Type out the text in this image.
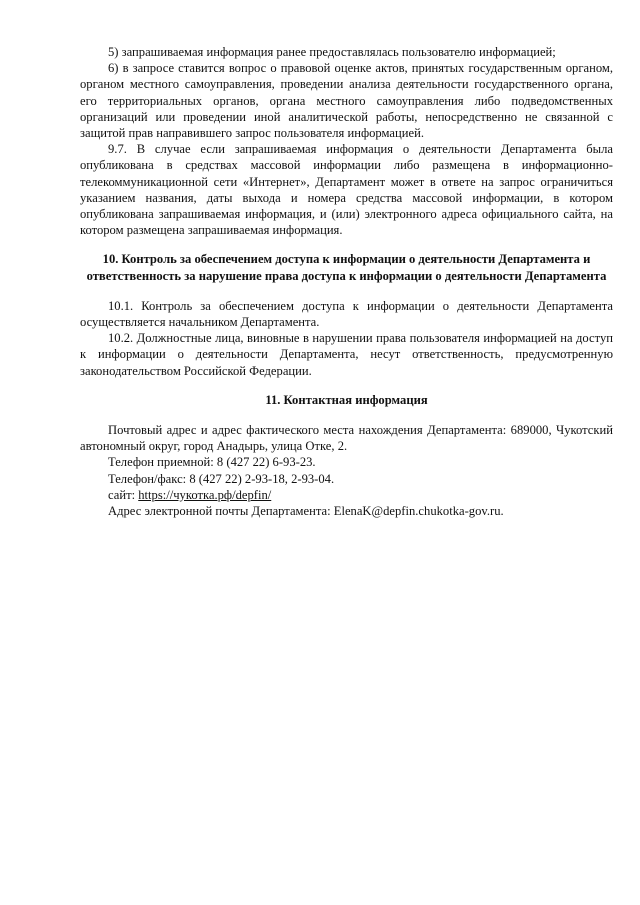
5) запрашиваемая информация ранее предоставлялась пользователю информацией;

6) в запросе ставится вопрос о правовой оценке актов, принятых государственным органом, органом местного самоуправления, проведении анализа деятельности государственного органа, его территориальных органов, органа местного самоуправления либо подведомственных организаций или проведении иной аналитической работы, непосредственно не связанной с защитой прав направившего запрос пользователя информацией.

9.7. В случае если запрашиваемая информация о деятельности Департамента была опубликована в средствах массовой информации либо размещена в информационно-телекоммуникационной сети «Интернет», Департамент может в ответе на запрос ограничиться указанием названия, даты выхода и номера средства массовой информации, в котором опубликована запрашиваемая информация, и (или) электронного адреса официального сайта, на котором размещена запрашиваемая информация.

10. Контроль за обеспечением доступа к информации о деятельности Департамента и ответственность за нарушение права доступа к информации о деятельности Департамента

10.1. Контроль за обеспечением доступа к информации о деятельности Департамента осуществляется начальником Департамента.

10.2. Должностные лица, виновные в нарушении права пользователя информацией на доступ к информации о деятельности Департамента, несут ответственность, предусмотренную законодательством Российской Федерации.

11. Контактная информация

Почтовый адрес и адрес фактического места нахождения Департамента: 689000, Чукотский автономный округ, город Анадырь, улица Отке, 2.

Телефон приемной: 8 (427 22) 6-93-23.

Телефон/факс: 8 (427 22) 2-93-18, 2-93-04.

сайт: https://чукотка.рф/depfin/

Адрес электронной почты Департамента: ElenaK@depfin.chukotka-gov.ru.
